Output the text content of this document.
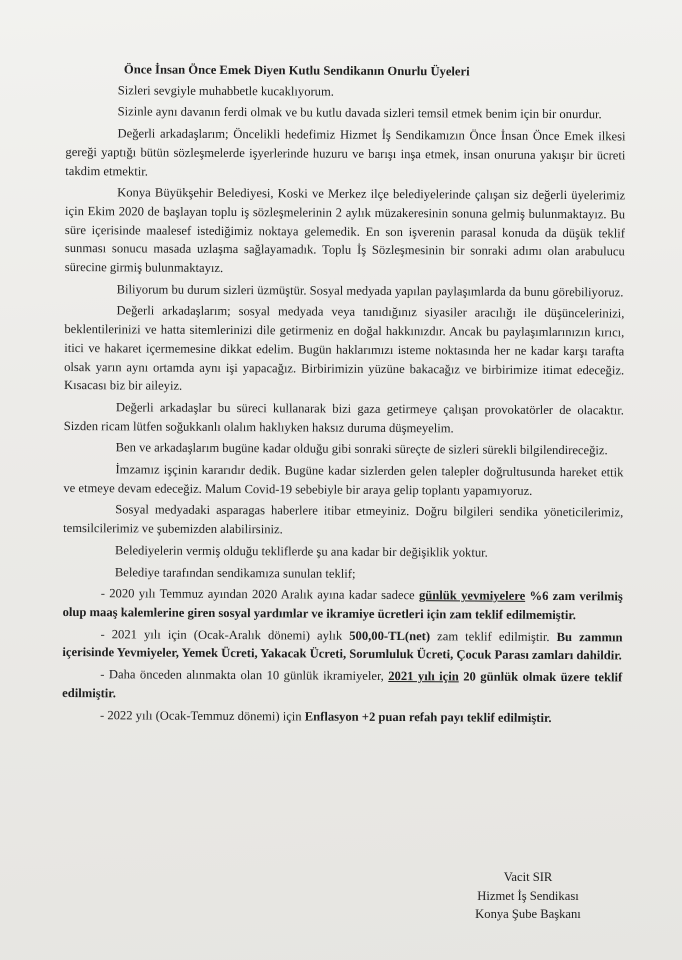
Önce İnsan Önce Emek Diyen Kutlu Sendikanın Onurlu Üyeleri

Sizleri sevgiyle muhabbetle kucaklıyorum.

Sizinle aynı davanın ferdi olmak ve bu kutlu davada sizleri temsil etmek benim için bir onurdur.

Değerli arkadaşlarım; Öncelikli hedefimiz Hizmet İş Sendikamızın Önce İnsan Önce Emek ilkesi gereği yaptığı bütün sözleşmelerde işyerlerinde huzuru ve barışı inşa etmek, insan onuruna yakışır bir ücreti takdim etmektir.

Konya Büyükşehir Belediyesi, Koski ve Merkez ilçe belediyelerinde çalışan siz değerli üyelerimiz için Ekim 2020 de başlayan toplu iş sözleşmelerinin 2 aylık müzakeresinin sonuna gelmiş bulunmaktayız. Bu süre içerisinde maalesef istediğimiz noktaya gelemedik. En son işverenin parasal konuda da düşük teklif sunması sonucu masada uzlaşma sağlayamadık. Toplu İş Sözleşmesinin bir sonraki adımı olan arabulucu sürecine girmiş bulunmaktayız.

Biliyorum bu durum sizleri üzmüştür. Sosyal medyada yapılan paylaşımlarda da bunu görebiliyoruz.

Değerli arkadaşlarım; sosyal medyada veya tanıdığınız siyasiler aracılığı ile düşüncelerinizi, beklentilerinizi ve hatta sitemlerinizi dile getirmeniz en doğal hakkınızdır. Ancak bu paylaşımlarınızın kırıcı, itici ve hakaret içermemesine dikkat edelim. Bugün haklarımızı isteme noktasında her ne kadar karşı tarafta olsak yarın aynı ortamda aynı işi yapacağız. Birbirimizin yüzüne bakacağız ve birbirimize itimat edeceğiz. Kısacası biz bir aileyiz.

Değerli arkadaşlar bu süreci kullanarak bizi gaza getirmeye çalışan provokatörler de olacaktır. Sizden ricam lütfen soğukkanlı olalım haklıyken haksız duruma düşmeyelim.

Ben ve arkadaşlarım bugüne kadar olduğu gibi sonraki süreçte de sizleri sürekli bilgilendireceğiz.

İmzamız işçinin kararıdır dedik. Bugüne kadar sizlerden gelen talepler doğrultusunda hareket ettik ve etmeye devam edeceğiz. Malum Covid-19 sebebiyle bir araya gelip toplantı yapamıyoruz.

Sosyal medyadaki asparagas haberlere itibar etmeyiniz. Doğru bilgileri sendika yöneticilerimiz, temsilcilerimiz ve şubemizden alabilirsiniz.

Belediyelerin vermiş olduğu tekliflerde şu ana kadar bir değişiklik yoktur.

Belediye tarafından sendikamıza sunulan teklif;

- 2020 yılı Temmuz ayından 2020 Aralık ayına kadar sadece günlük yevmiyelere %6 zam verilmiş olup maaş kalemlerine giren sosyal yardımlar ve ikramiye ücretleri için zam teklif edilmemiştir.

- 2021 yılı için (Ocak-Aralık dönemi) aylık 500,00-TL(net) zam teklif edilmiştir. Bu zammın içerisinde Yevmiyeler, Yemek Ücreti, Yakacak Ücreti, Sorumluluk Ücreti, Çocuk Parası zamları dahildir.

- Daha önceden alınmakta olan 10 günlük ikramiyeler, 2021 yılı için 20 günlük olmak üzere teklif edilmiştir.

- 2022 yılı (Ocak-Temmuz dönemi) için Enflasyon +2 puan refah payı teklif edilmiştir.

Vacit SIR
Hizmet İş Sendikası
Konya Şube Başkanı
